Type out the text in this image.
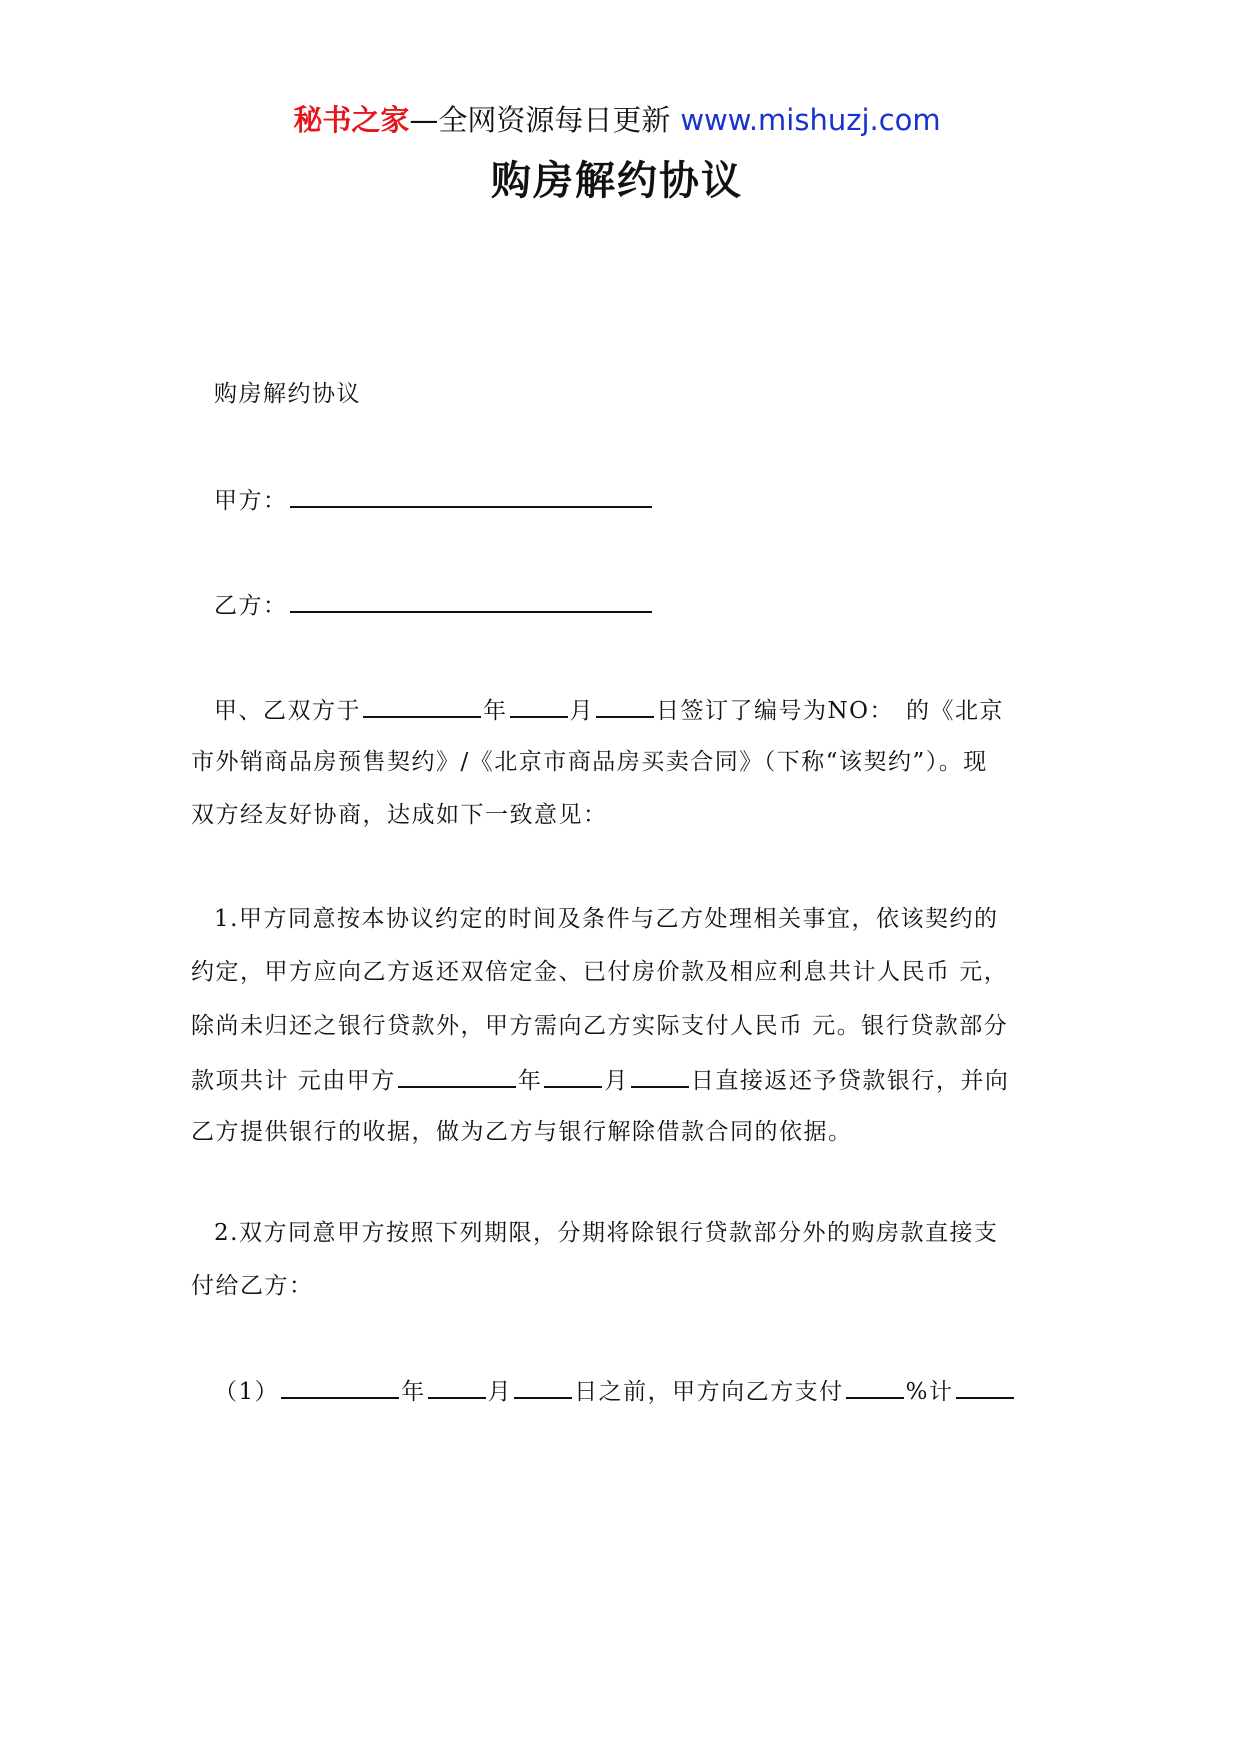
秘书之家—全网资源每日更新 www.mishuzj.com
购房解约协议
购房解约协议
甲方：
乙方：
甲、乙双方于	年	月	日签订了编号为NO： 的《北京
市外销商品房预售契约》/《北京市商品房买卖合同》（下称“该契约”）。现
双方经友好协商，达成如下一致意见：
1.甲方同意按本协议约定的时间及条件与乙方处理相关事宜，依该契约的
约定，甲方应向乙方返还双倍定金、已付房价款及相应利息共计人民币 元，
除尚未归还之银行贷款外，甲方需向乙方实际支付人民币 元。银行贷款部分
款项共计 元由甲方	年	月	日直接返还予贷款银行，并向
乙方提供银行的收据，做为乙方与银行解除借款合同的依据。
2.双方同意甲方按照下列期限，分期将除银行贷款部分外的购房款直接支
付给乙方：
（1）	年	月	日之前，甲方向乙方支付	%计
